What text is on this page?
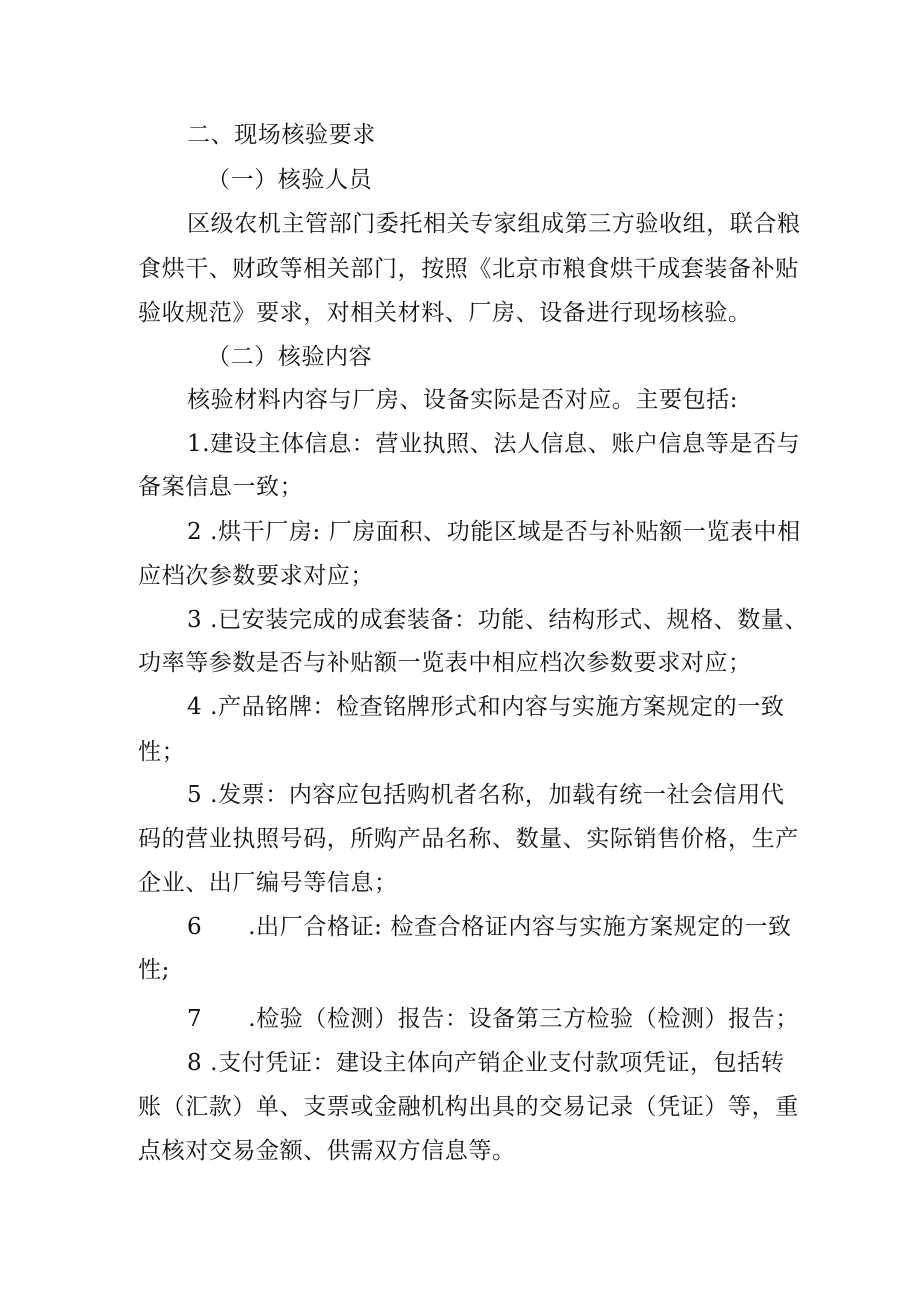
二、现场核验要求
（一）核验人员
区级农机主管部门委托相关专家组成第三方验收组，联合粮
食烘干、财政等相关部门，按照《北京市粮食烘干成套装备补贴
验收规范》要求，对相关材料、厂房、设备进行现场核验。
（二）核验内容
核验材料内容与厂房、设备实际是否对应。主要包括:
1.建设主体信息：营业执照、法人信息、账户信息等是否与
备案信息一致；
2 .烘干厂房: 厂房面积、功能区域是否与补贴额一览表中相
应档次参数要求对应；
3 .已安装完成的成套装备：功能、结构形式、规格、数量、
功率等参数是否与补贴额一览表中相应档次参数要求对应；
4 .产品铭牌：检查铭牌形式和内容与实施方案规定的一致
性；
5 .发票：内容应包括购机者名称，加载有统一社会信用代
码的营业执照号码，所购产品名称、数量、实际销售价格，生产
企业、出厂编号等信息；
6 .出厂合格证: 检查合格证内容与实施方案规定的一致
性;
7 .检验（检测）报告：设备第三方检验（检测）报告；
8 .支付凭证：建设主体向产销企业支付款项凭证，包括转
账（汇款）单、支票或金融机构出具的交易记录（凭证）等，重
点核对交易金额、供需双方信息等。
